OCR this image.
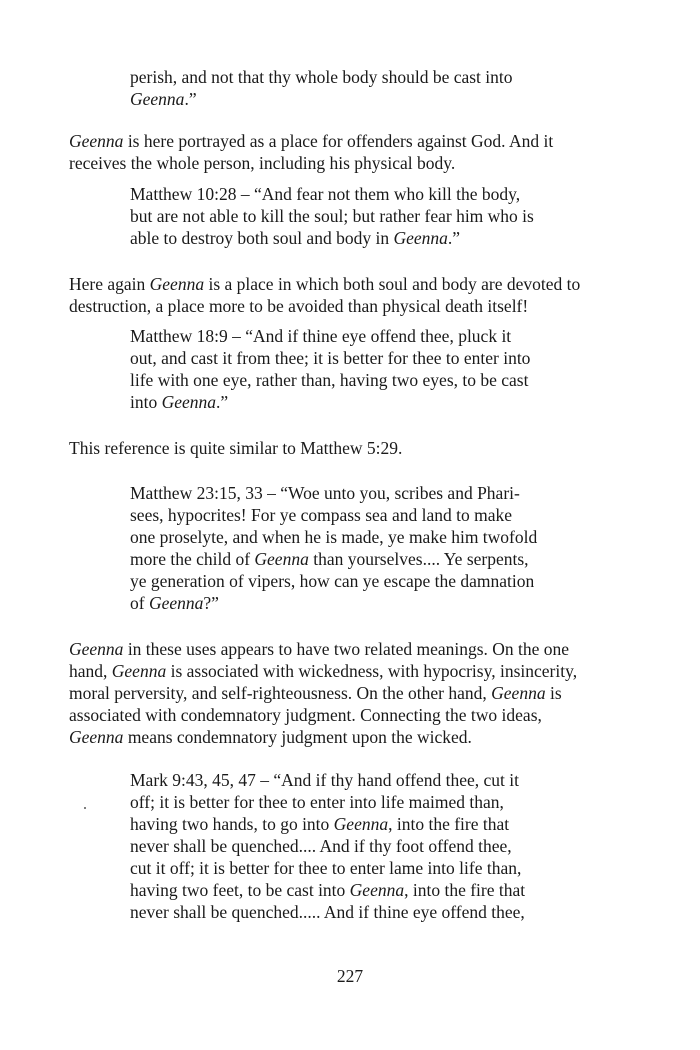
perish, and not that thy whole body should be cast into
Geenna.”
Geenna is here portrayed as a place for offenders against God. And it
receives the whole person, including his physical body.
Matthew 10:28 – “And fear not them who kill the body,
but are not able to kill the soul; but rather fear him who is
able to destroy both soul and body in Geenna.”
Here again Geenna is a place in which both soul and body are devoted to
destruction, a place more to be avoided than physical death itself!
Matthew 18:9 – “And if thine eye offend thee, pluck it
out, and cast it from thee; it is better for thee to enter into
life with one eye, rather than, having two eyes, to be cast
into Geenna.”
This reference is quite similar to Matthew 5:29.
Matthew 23:15, 33 – “Woe unto you, scribes and Phari-
sees, hypocrites! For ye compass sea and land to make
one proselyte, and when he is made, ye make him twofold
more the child of Geenna than yourselves.... Ye serpents,
ye generation of vipers, how can ye escape the damnation
of Geenna?”
Geenna in these uses appears to have two related meanings. On the one
hand, Geenna is associated with wickedness, with hypocrisy, insincerity,
moral perversity, and self-righteousness. On the other hand, Geenna is
associated with condemnatory judgment. Connecting the two ideas,
Geenna means condemnatory judgment upon the wicked.
Mark 9:43, 45, 47 – “And if thy hand offend thee, cut it
off; it is better for thee to enter into life maimed than,
having two hands, to go into Geenna, into the fire that
never shall be quenched.... And if thy foot offend thee,
cut it off; it is better for thee to enter lame into life than,
having two feet, to be cast into Geenna, into the fire that
never shall be quenched..... And if thine eye offend thee,
227
